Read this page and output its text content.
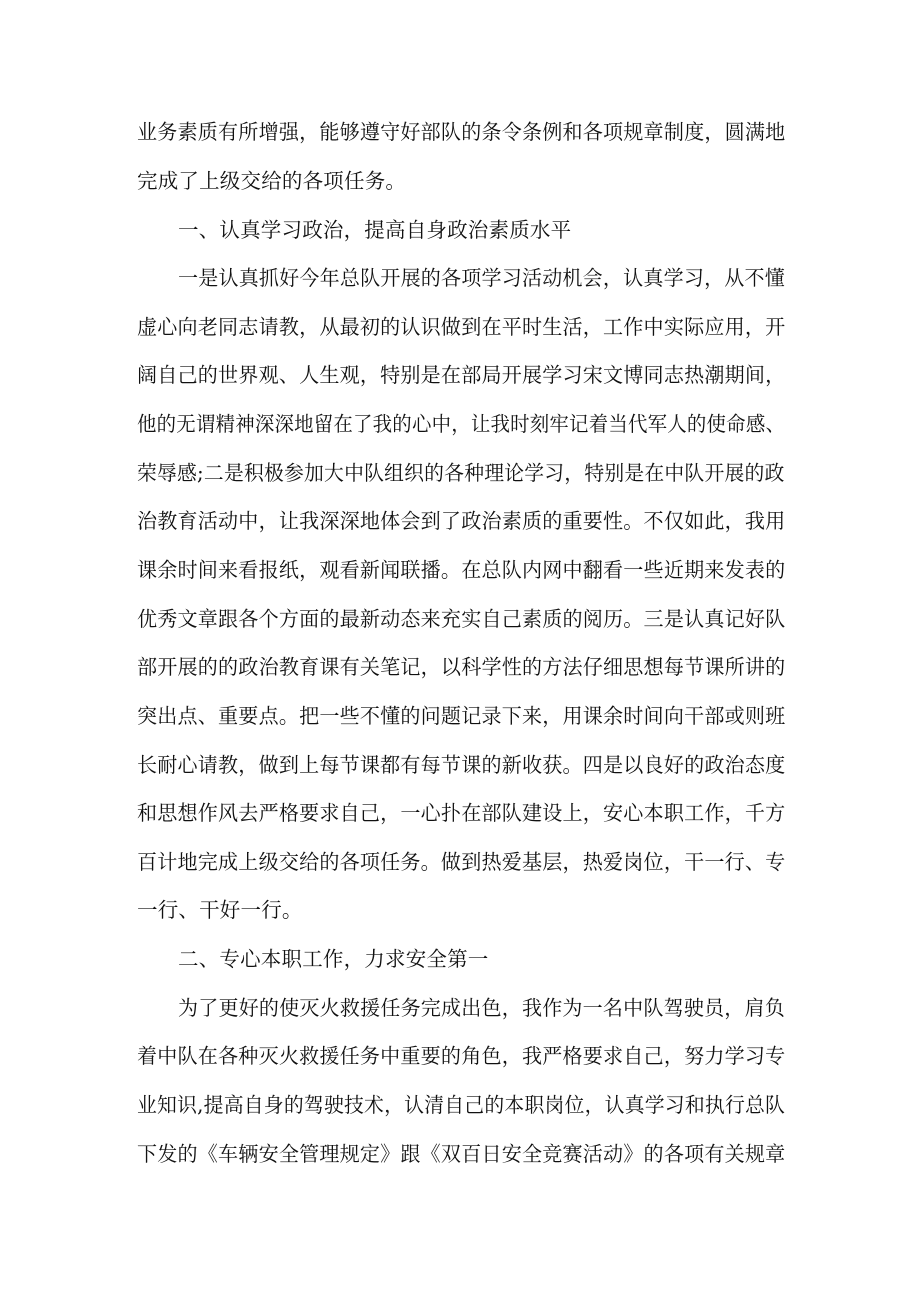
业务素质有所增强，能够遵守好部队的条令条例和各项规章制度，圆满地
完成了上级交给的各项任务。
一、认真学习政治，提高自身政治素质水平
一是认真抓好今年总队开展的各项学习活动机会，认真学习，从不懂
虚心向老同志请教，从最初的认识做到在平时生活，工作中实际应用，开
阔自己的世界观、人生观，特别是在部局开展学习宋文博同志热潮期间，
他的无谓精神深深地留在了我的心中，让我时刻牢记着当代军人的使命感、
荣辱感;二是积极参加大中队组织的各种理论学习，特别是在中队开展的政
治教育活动中，让我深深地体会到了政治素质的重要性。不仅如此，我用
课余时间来看报纸，观看新闻联播。在总队内网中翻看一些近期来发表的
优秀文章跟各个方面的最新动态来充实自己素质的阅历。三是认真记好队
部开展的的政治教育课有关笔记，以科学性的方法仔细思想每节课所讲的
突出点、重要点。把一些不懂的问题记录下来，用课余时间向干部或则班
长耐心请教，做到上每节课都有每节课的新收获。四是以良好的政治态度
和思想作风去严格要求自己，一心扑在部队建设上，安心本职工作，千方
百计地完成上级交给的各项任务。做到热爱基层，热爱岗位，干一行、专
一行、干好一行。
二、专心本职工作，力求安全第一
为了更好的使灭火救援任务完成出色，我作为一名中队驾驶员，肩负
着中队在各种灭火救援任务中重要的角色，我严格要求自己，努力学习专
业知识,提高自身的驾驶技术，认清自己的本职岗位，认真学习和执行总队
下发的《车辆安全管理规定》跟《双百日安全竞赛活动》的各项有关规章
